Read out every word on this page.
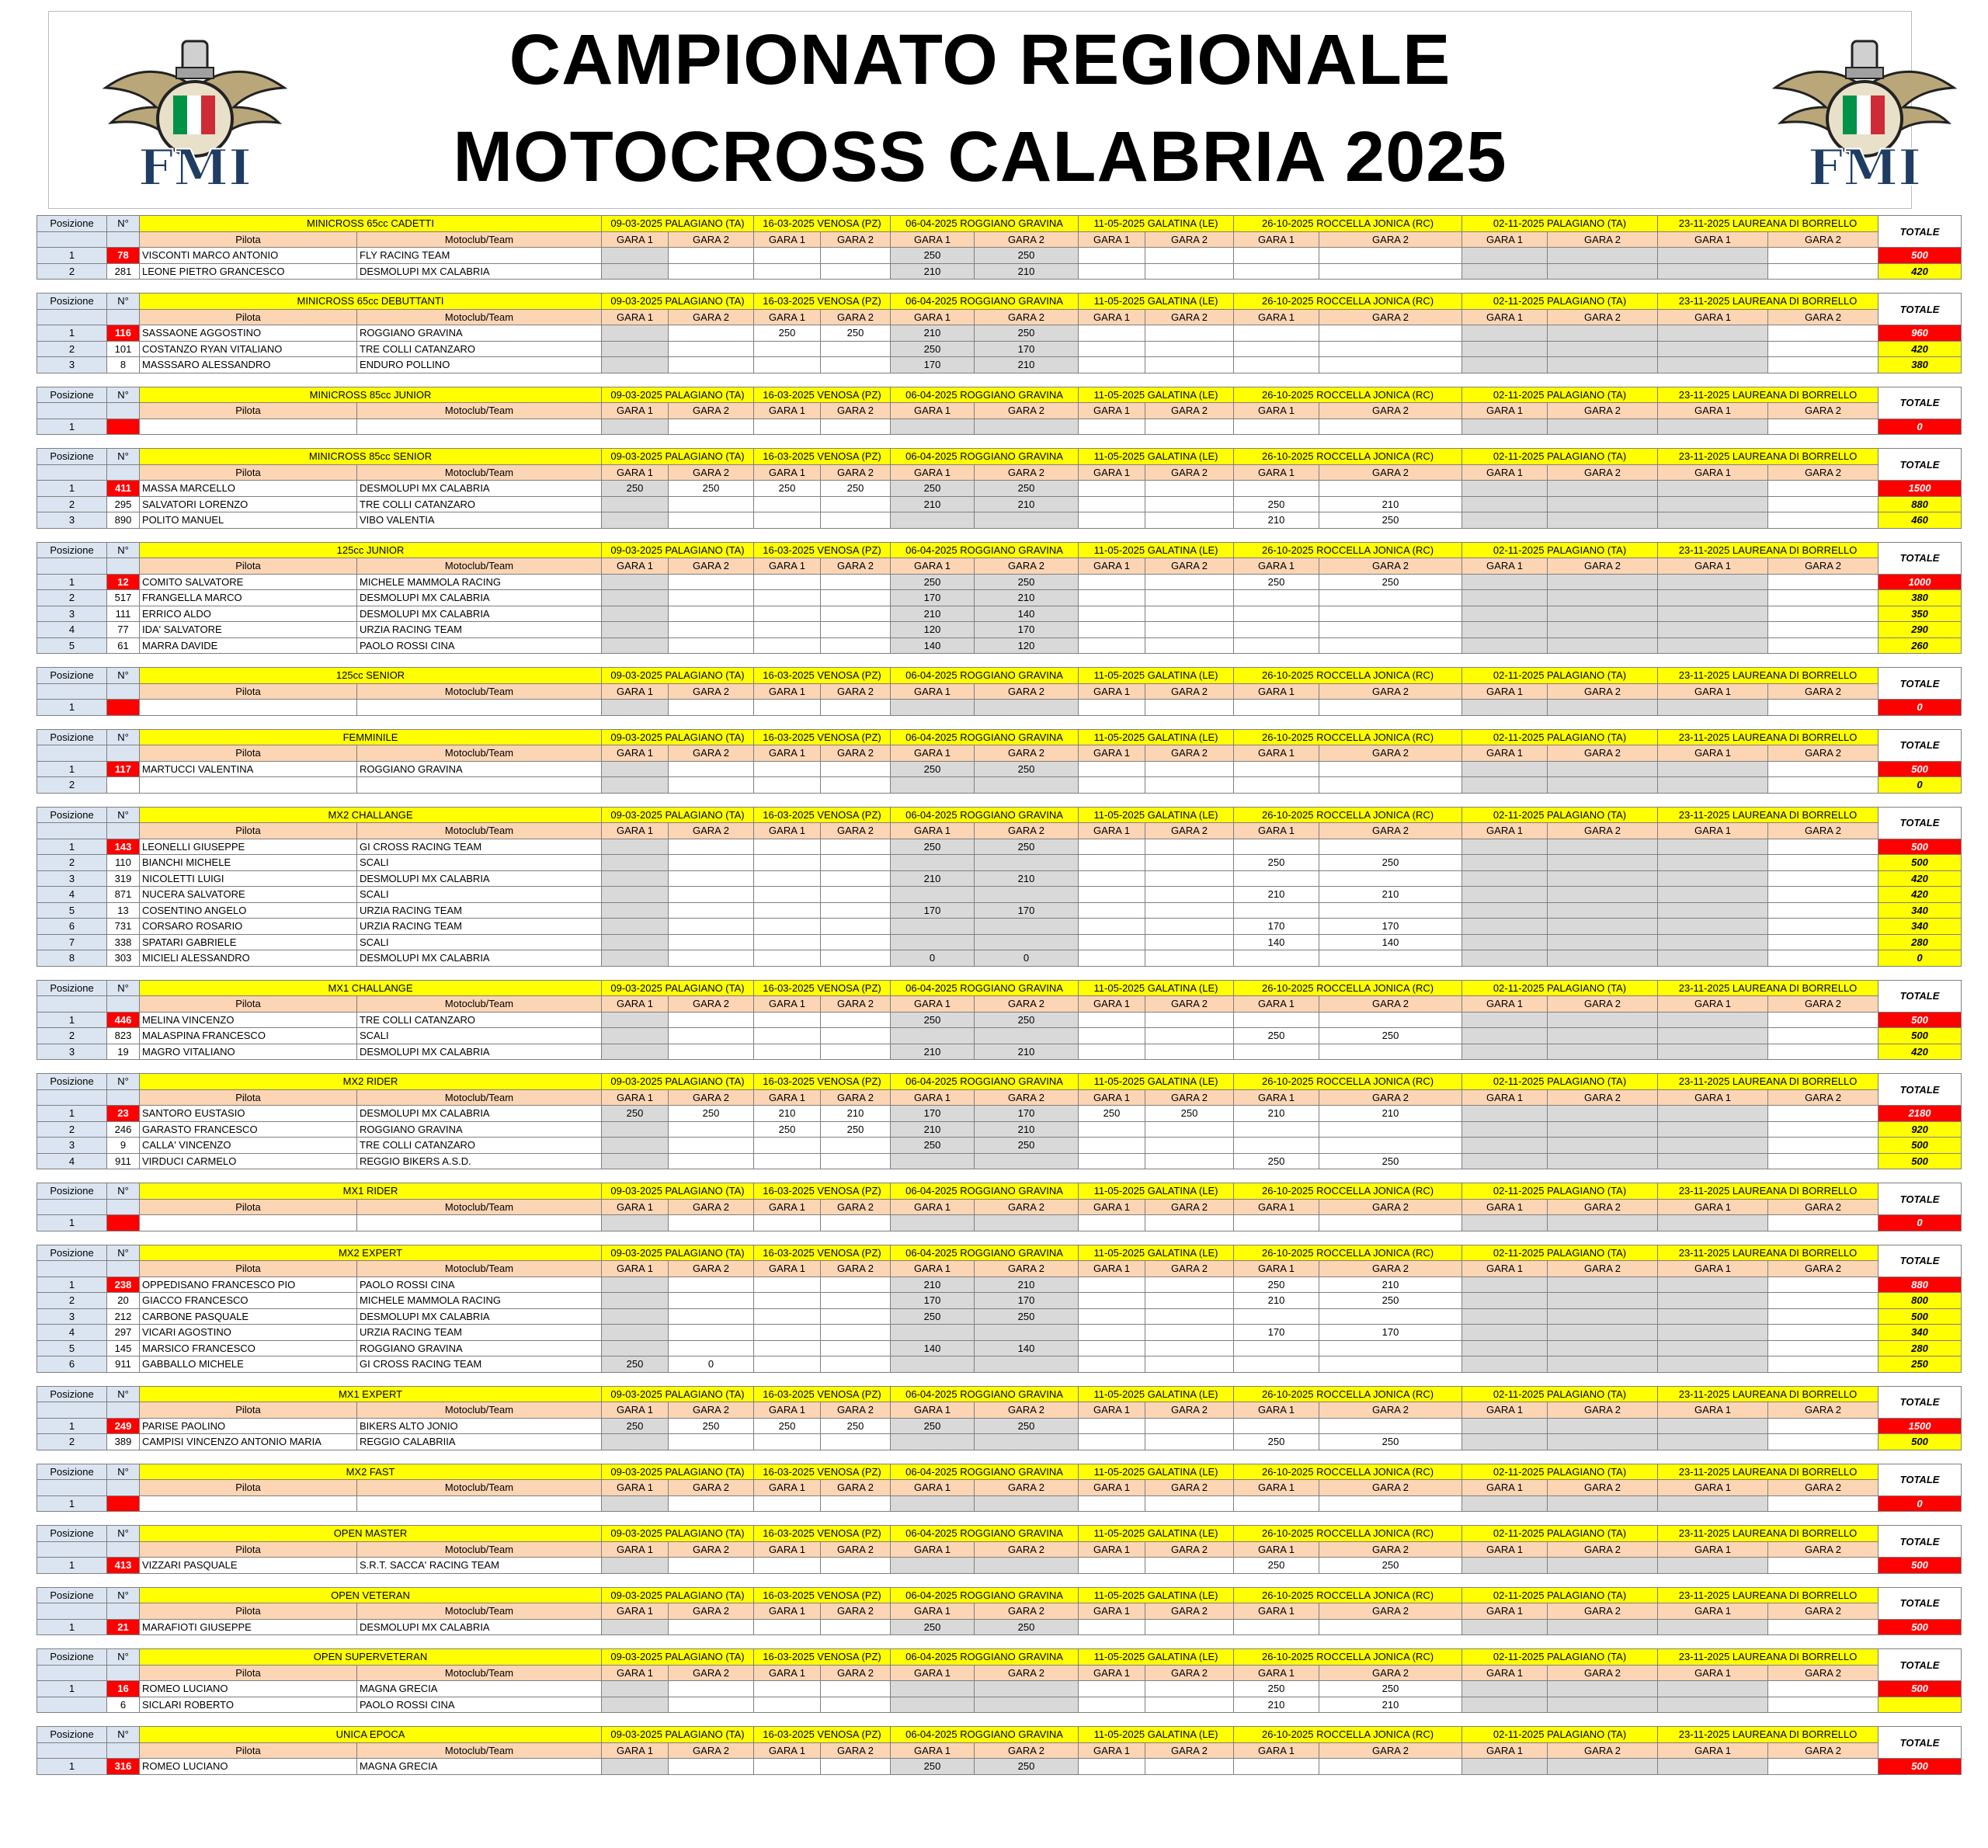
FMI
CAMPIONATO REGIONALE
MOTOCROSS CALABRIA 2025	FMI
Posizione	N°	MINICROSS 65cc CADETTI		09-03-2025 PALAGIANO (TA)		16-03-2025 VENOSA (PZ)		06-04-2025 ROGGIANO GRAVINA		11-05-2025 GALATINA (LE)		26-10-2025 ROCCELLA JONICA (RC)		02-11-2025 PALAGIANO (TA)		23-11-2025 LAUREANA DI BORRELLO		TOTALE
		Pilota	Motoclub/Team	GARA 1	GARA 2	GARA 1	GARA 2	GARA 1	GARA 2	GARA 1	GARA 2	GARA 1	GARA 2	GARA 1	GARA 2	GARA 1	GARA 2	
1	78	VISCONTI MARCO ANTONIO	FLY RACING TEAM					250	250									500
2	281	LEONE PIETRO GRANCESCO	DESMOLUPI MX CALABRIA					210	210									420
Posizione	N°	MINICROSS 65cc DEBUTTANTI		09-03-2025 PALAGIANO (TA)		16-03-2025 VENOSA (PZ)		06-04-2025 ROGGIANO GRAVINA		11-05-2025 GALATINA (LE)		26-10-2025 ROCCELLA JONICA (RC)		02-11-2025 PALAGIANO (TA)		23-11-2025 LAUREANA DI BORRELLO		TOTALE
		Pilota	Motoclub/Team	GARA 1	GARA 2	GARA 1	GARA 2	GARA 1	GARA 2	GARA 1	GARA 2	GARA 1	GARA 2	GARA 1	GARA 2	GARA 1	GARA 2	
1	116	SASSAONE AGGOSTINO	ROGGIANO GRAVINA			250	250	210	250									960
2	101	COSTANZO RYAN VITALIANO	TRE COLLI CATANZARO					250	170									420
3	8	MASSSARO ALESSANDRO	ENDURO POLLINO					170	210									380
Posizione	N°	MINICROSS 85cc JUNIOR		09-03-2025 PALAGIANO (TA)		16-03-2025 VENOSA (PZ)		06-04-2025 ROGGIANO GRAVINA		11-05-2025 GALATINA (LE)		26-10-2025 ROCCELLA JONICA (RC)		02-11-2025 PALAGIANO (TA)		23-11-2025 LAUREANA DI BORRELLO		TOTALE
		Pilota	Motoclub/Team	GARA 1	GARA 2	GARA 1	GARA 2	GARA 1	GARA 2	GARA 1	GARA 2	GARA 1	GARA 2	GARA 1	GARA 2	GARA 1	GARA 2	
1																		0
Posizione	N°	MINICROSS 85cc SENIOR		09-03-2025 PALAGIANO (TA)		16-03-2025 VENOSA (PZ)		06-04-2025 ROGGIANO GRAVINA		11-05-2025 GALATINA (LE)		26-10-2025 ROCCELLA JONICA (RC)		02-11-2025 PALAGIANO (TA)		23-11-2025 LAUREANA DI BORRELLO		TOTALE
		Pilota	Motoclub/Team	GARA 1	GARA 2	GARA 1	GARA 2	GARA 1	GARA 2	GARA 1	GARA 2	GARA 1	GARA 2	GARA 1	GARA 2	GARA 1	GARA 2	
1	411	MASSA MARCELLO	DESMOLUPI MX CALABRIA	250	250	250	250	250	250									1500
2	295	SALVATORI LORENZO	TRE COLLI CATANZARO					210	210			250	210					880
3	890	POLITO MANUEL	VIBO VALENTIA									210	250					460
Posizione	N°	125cc JUNIOR		09-03-2025 PALAGIANO (TA)		16-03-2025 VENOSA (PZ)		06-04-2025 ROGGIANO GRAVINA		11-05-2025 GALATINA (LE)		26-10-2025 ROCCELLA JONICA (RC)		02-11-2025 PALAGIANO (TA)		23-11-2025 LAUREANA DI BORRELLO		TOTALE
		Pilota	Motoclub/Team	GARA 1	GARA 2	GARA 1	GARA 2	GARA 1	GARA 2	GARA 1	GARA 2	GARA 1	GARA 2	GARA 1	GARA 2	GARA 1	GARA 2	
1	12	COMITO SALVATORE	MICHELE MAMMOLA RACING					250	250			250	250					1000
2	517	FRANGELLA MARCO	DESMOLUPI MX CALABRIA					170	210									380
3	111	ERRICO ALDO	DESMOLUPI MX CALABRIA					210	140									350
4	77	IDA' SALVATORE	URZIA RACING TEAM					120	170									290
5	61	MARRA DAVIDE	PAOLO ROSSI CINA					140	120									260
Posizione	N°	125cc SENIOR		09-03-2025 PALAGIANO (TA)		16-03-2025 VENOSA (PZ)		06-04-2025 ROGGIANO GRAVINA		11-05-2025 GALATINA (LE)		26-10-2025 ROCCELLA JONICA (RC)		02-11-2025 PALAGIANO (TA)		23-11-2025 LAUREANA DI BORRELLO		TOTALE
		Pilota	Motoclub/Team	GARA 1	GARA 2	GARA 1	GARA 2	GARA 1	GARA 2	GARA 1	GARA 2	GARA 1	GARA 2	GARA 1	GARA 2	GARA 1	GARA 2	
1																		0
Posizione	N°	FEMMINILE		09-03-2025 PALAGIANO (TA)		16-03-2025 VENOSA (PZ)		06-04-2025 ROGGIANO GRAVINA		11-05-2025 GALATINA (LE)		26-10-2025 ROCCELLA JONICA (RC)		02-11-2025 PALAGIANO (TA)		23-11-2025 LAUREANA DI BORRELLO		TOTALE
		Pilota	Motoclub/Team	GARA 1	GARA 2	GARA 1	GARA 2	GARA 1	GARA 2	GARA 1	GARA 2	GARA 1	GARA 2	GARA 1	GARA 2	GARA 1	GARA 2	
1	117	MARTUCCI VALENTINA	ROGGIANO GRAVINA					250	250									500
2																		0
Posizione	N°	MX2 CHALLANGE		09-03-2025 PALAGIANO (TA)		16-03-2025 VENOSA (PZ)		06-04-2025 ROGGIANO GRAVINA		11-05-2025 GALATINA (LE)		26-10-2025 ROCCELLA JONICA (RC)		02-11-2025 PALAGIANO (TA)		23-11-2025 LAUREANA DI BORRELLO		TOTALE
		Pilota	Motoclub/Team	GARA 1	GARA 2	GARA 1	GARA 2	GARA 1	GARA 2	GARA 1	GARA 2	GARA 1	GARA 2	GARA 1	GARA 2	GARA 1	GARA 2	
1	143	LEONELLI GIUSEPPE	GI CROSS RACING TEAM					250	250									500
2	110	BIANCHI MICHELE	SCALI									250	250					500
3	319	NICOLETTI LUIGI	DESMOLUPI MX CALABRIA					210	210									420
4	871	NUCERA SALVATORE	SCALI									210	210					420
5	13	COSENTINO ANGELO	URZIA RACING TEAM					170	170									340
6	731	CORSARO ROSARIO	URZIA RACING TEAM									170	170					340
7	338	SPATARI GABRIELE	SCALI									140	140					280
8	303	MICIELI ALESSANDRO	DESMOLUPI MX CALABRIA					0	0									0
Posizione	N°	MX1 CHALLANGE		09-03-2025 PALAGIANO (TA)		16-03-2025 VENOSA (PZ)		06-04-2025 ROGGIANO GRAVINA		11-05-2025 GALATINA (LE)		26-10-2025 ROCCELLA JONICA (RC)		02-11-2025 PALAGIANO (TA)		23-11-2025 LAUREANA DI BORRELLO		TOTALE
		Pilota	Motoclub/Team	GARA 1	GARA 2	GARA 1	GARA 2	GARA 1	GARA 2	GARA 1	GARA 2	GARA 1	GARA 2	GARA 1	GARA 2	GARA 1	GARA 2	
1	446	MELINA VINCENZO	TRE COLLI CATANZARO					250	250									500
2	823	MALASPINA FRANCESCO	SCALI									250	250					500
3	19	MAGRO VITALIANO	DESMOLUPI MX CALABRIA					210	210									420
Posizione	N°	MX2 RIDER		09-03-2025 PALAGIANO (TA)		16-03-2025 VENOSA (PZ)		06-04-2025 ROGGIANO GRAVINA		11-05-2025 GALATINA (LE)		26-10-2025 ROCCELLA JONICA (RC)		02-11-2025 PALAGIANO (TA)		23-11-2025 LAUREANA DI BORRELLO		TOTALE
		Pilota	Motoclub/Team	GARA 1	GARA 2	GARA 1	GARA 2	GARA 1	GARA 2	GARA 1	GARA 2	GARA 1	GARA 2	GARA 1	GARA 2	GARA 1	GARA 2	
1	23	SANTORO EUSTASIO	DESMOLUPI MX CALABRIA	250	250	210	210	170	170	250	250	210	210					2180
2	246	GARASTO FRANCESCO	ROGGIANO GRAVINA			250	250	210	210									920
3	9	CALLA' VINCENZO	TRE COLLI CATANZARO					250	250									500
4	911	VIRDUCI CARMELO	REGGIO BIKERS A.S.D.									250	250					500
Posizione	N°	MX1 RIDER		09-03-2025 PALAGIANO (TA)		16-03-2025 VENOSA (PZ)		06-04-2025 ROGGIANO GRAVINA		11-05-2025 GALATINA (LE)		26-10-2025 ROCCELLA JONICA (RC)		02-11-2025 PALAGIANO (TA)		23-11-2025 LAUREANA DI BORRELLO		TOTALE
		Pilota	Motoclub/Team	GARA 1	GARA 2	GARA 1	GARA 2	GARA 1	GARA 2	GARA 1	GARA 2	GARA 1	GARA 2	GARA 1	GARA 2	GARA 1	GARA 2	
1																		0
Posizione	N°	MX2 EXPERT		09-03-2025 PALAGIANO (TA)		16-03-2025 VENOSA (PZ)		06-04-2025 ROGGIANO GRAVINA		11-05-2025 GALATINA (LE)		26-10-2025 ROCCELLA JONICA (RC)		02-11-2025 PALAGIANO (TA)		23-11-2025 LAUREANA DI BORRELLO		TOTALE
		Pilota	Motoclub/Team	GARA 1	GARA 2	GARA 1	GARA 2	GARA 1	GARA 2	GARA 1	GARA 2	GARA 1	GARA 2	GARA 1	GARA 2	GARA 1	GARA 2	
1	238	OPPEDISANO FRANCESCO PIO	PAOLO ROSSI CINA					210	210			250	210					880
2	20	GIACCO FRANCESCO	MICHELE MAMMOLA RACING					170	170			210	250					800
3	212	CARBONE PASQUALE	DESMOLUPI MX CALABRIA					250	250									500
4	297	VICARI AGOSTINO	URZIA RACING TEAM									170	170					340
5	145	MARSICO FRANCESCO	ROGGIANO GRAVINA					140	140									280
6	911	GABBALLO MICHELE	GI CROSS RACING TEAM	250	0													250
Posizione	N°	MX1 EXPERT		09-03-2025 PALAGIANO (TA)		16-03-2025 VENOSA (PZ)		06-04-2025 ROGGIANO GRAVINA		11-05-2025 GALATINA (LE)		26-10-2025 ROCCELLA JONICA (RC)		02-11-2025 PALAGIANO (TA)		23-11-2025 LAUREANA DI BORRELLO		TOTALE
		Pilota	Motoclub/Team	GARA 1	GARA 2	GARA 1	GARA 2	GARA 1	GARA 2	GARA 1	GARA 2	GARA 1	GARA 2	GARA 1	GARA 2	GARA 1	GARA 2	
1	249	PARISE PAOLINO	BIKERS ALTO JONIO	250	250	250	250	250	250									1500
2	389	CAMPISI VINCENZO ANTONIO MARIA	REGGIO CALABRIIA									250	250					500
Posizione	N°	MX2 FAST		09-03-2025 PALAGIANO (TA)		16-03-2025 VENOSA (PZ)		06-04-2025 ROGGIANO GRAVINA		11-05-2025 GALATINA (LE)		26-10-2025 ROCCELLA JONICA (RC)		02-11-2025 PALAGIANO (TA)		23-11-2025 LAUREANA DI BORRELLO		TOTALE
		Pilota	Motoclub/Team	GARA 1	GARA 2	GARA 1	GARA 2	GARA 1	GARA 2	GARA 1	GARA 2	GARA 1	GARA 2	GARA 1	GARA 2	GARA 1	GARA 2	
1																		0
Posizione	N°	OPEN MASTER		09-03-2025 PALAGIANO (TA)		16-03-2025 VENOSA (PZ)		06-04-2025 ROGGIANO GRAVINA		11-05-2025 GALATINA (LE)		26-10-2025 ROCCELLA JONICA (RC)		02-11-2025 PALAGIANO (TA)		23-11-2025 LAUREANA DI BORRELLO		TOTALE
		Pilota	Motoclub/Team	GARA 1	GARA 2	GARA 1	GARA 2	GARA 1	GARA 2	GARA 1	GARA 2	GARA 1	GARA 2	GARA 1	GARA 2	GARA 1	GARA 2	
1	413	VIZZARI PASQUALE	S.R.T. SACCA' RACING TEAM									250	250					500
Posizione	N°	OPEN VETERAN		09-03-2025 PALAGIANO (TA)		16-03-2025 VENOSA (PZ)		06-04-2025 ROGGIANO GRAVINA		11-05-2025 GALATINA (LE)		26-10-2025 ROCCELLA JONICA (RC)		02-11-2025 PALAGIANO (TA)		23-11-2025 LAUREANA DI BORRELLO		TOTALE
		Pilota	Motoclub/Team	GARA 1	GARA 2	GARA 1	GARA 2	GARA 1	GARA 2	GARA 1	GARA 2	GARA 1	GARA 2	GARA 1	GARA 2	GARA 1	GARA 2	
1	21	MARAFIOTI GIUSEPPE	DESMOLUPI MX CALABRIA					250	250									500
Posizione	N°	OPEN SUPERVETERAN		09-03-2025 PALAGIANO (TA)		16-03-2025 VENOSA (PZ)		06-04-2025 ROGGIANO GRAVINA		11-05-2025 GALATINA (LE)		26-10-2025 ROCCELLA JONICA (RC)		02-11-2025 PALAGIANO (TA)		23-11-2025 LAUREANA DI BORRELLO		TOTALE
		Pilota	Motoclub/Team	GARA 1	GARA 2	GARA 1	GARA 2	GARA 1	GARA 2	GARA 1	GARA 2	GARA 1	GARA 2	GARA 1	GARA 2	GARA 1	GARA 2	
1	16	ROMEO LUCIANO	MAGNA GRECIA									250	250					500
	6	SICLARI ROBERTO	PAOLO ROSSI CINA									210	210					
Posizione	N°	UNICA EPOCA		09-03-2025 PALAGIANO (TA)		16-03-2025 VENOSA (PZ)		06-04-2025 ROGGIANO GRAVINA		11-05-2025 GALATINA (LE)		26-10-2025 ROCCELLA JONICA (RC)		02-11-2025 PALAGIANO (TA)		23-11-2025 LAUREANA DI BORRELLO		TOTALE
		Pilota	Motoclub/Team	GARA 1	GARA 2	GARA 1	GARA 2	GARA 1	GARA 2	GARA 1	GARA 2	GARA 1	GARA 2	GARA 1	GARA 2	GARA 1	GARA 2	
1	316	ROMEO LUCIANO	MAGNA GRECIA					250	250									500
